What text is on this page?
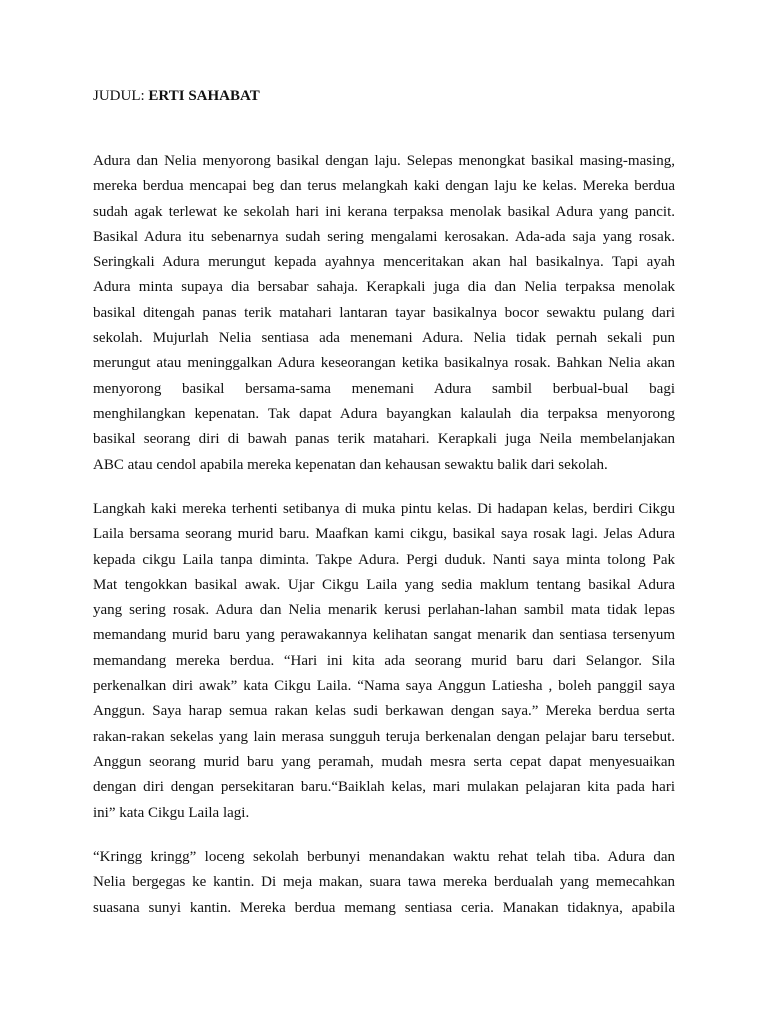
JUDUL: ERTI SAHABAT
Adura dan Nelia menyorong basikal dengan laju. Selepas menongkat basikal masing-masing,
mereka berdua mencapai beg dan terus melangkah kaki dengan laju ke kelas. Mereka berdua
sudah agak terlewat ke sekolah hari ini kerana terpaksa menolak basikal Adura yang pancit.
Basikal Adura itu sebenarnya sudah sering mengalami kerosakan. Ada-ada saja yang rosak.
Seringkali Adura merungut kepada ayahnya menceritakan akan hal basikalnya. Tapi ayah
Adura minta supaya dia bersabar sahaja. Kerapkali juga dia dan Nelia terpaksa menolak
basikal ditengah panas terik matahari lantaran tayar basikalnya bocor sewaktu pulang dari
sekolah. Mujurlah Nelia sentiasa ada menemani Adura. Nelia tidak pernah sekali pun
merungut atau meninggalkan Adura keseorangan ketika basikalnya rosak. Bahkan Nelia akan
menyorong basikal bersama-sama menemani Adura sambil berbual-bual bagi
menghilangkan kepenatan. Tak dapat Adura bayangkan kalaulah dia terpaksa menyorong
basikal seorang diri di bawah panas terik matahari. Kerapkali juga Neila membelanjakan
ABC atau cendol apabila mereka kepenatan dan kehausan sewaktu balik dari sekolah.
Langkah kaki mereka terhenti setibanya di muka pintu kelas. Di hadapan kelas, berdiri Cikgu
Laila bersama seorang murid baru. Maafkan kami cikgu, basikal saya rosak lagi. Jelas Adura
kepada cikgu Laila tanpa diminta. Takpe Adura. Pergi duduk. Nanti saya minta tolong Pak
Mat tengokkan basikal awak. Ujar Cikgu Laila yang sedia maklum tentang basikal Adura
yang sering rosak. Adura dan Nelia menarik kerusi perlahan-lahan sambil mata tidak lepas
memandang murid baru yang perawakannya kelihatan sangat menarik dan sentiasa tersenyum
memandang mereka berdua. “Hari ini kita ada seorang murid baru dari Selangor. Sila
perkenalkan diri awak” kata Cikgu Laila. “Nama saya Anggun Latiesha , boleh panggil saya
Anggun. Saya harap semua rakan kelas sudi berkawan dengan saya.” Mereka berdua serta
rakan-rakan sekelas yang lain merasa sungguh teruja berkenalan dengan pelajar baru tersebut.
Anggun seorang murid baru yang peramah, mudah mesra serta cepat dapat menyesuaikan
dengan diri dengan persekitaran baru.“Baiklah kelas, mari mulakan pelajaran kita pada hari
ini” kata Cikgu Laila lagi.
“Kringg kringg” loceng sekolah berbunyi menandakan waktu rehat telah tiba. Adura dan
Nelia bergegas ke kantin. Di meja makan, suara tawa mereka berdualah yang memecahkan
suasana sunyi kantin. Mereka berdua memang sentiasa ceria. Manakan tidaknya, apabila
